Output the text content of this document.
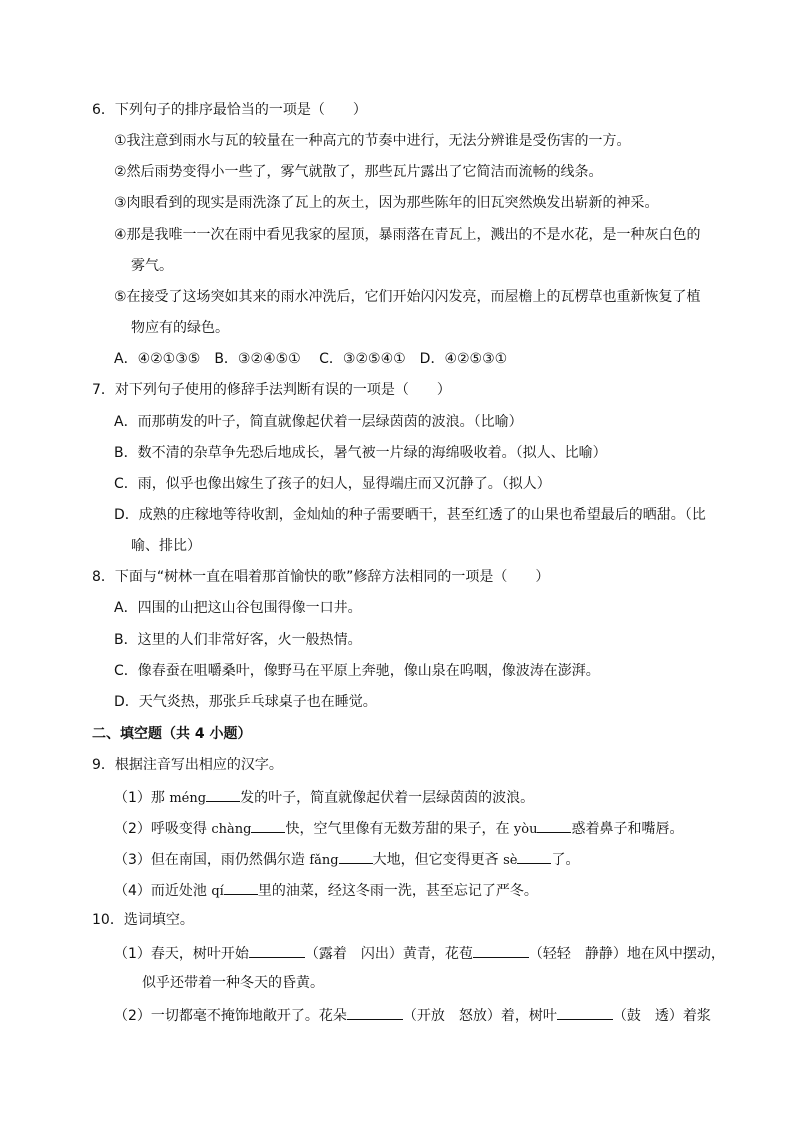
6．下列句子的排序最恰当的一项是（　　）
①我注意到雨水与瓦的较量在一种高亢的节奏中进行，无法分辨谁是受伤害的一方。
②然后雨势变得小一些了，雾气就散了，那些瓦片露出了它简洁而流畅的线条。
③肉眼看到的现实是雨洗涤了瓦上的灰土，因为那些陈年的旧瓦突然焕发出崭新的神采。
④那是我唯一一次在雨中看见我家的屋顶，暴雨落在青瓦上，溅出的不是水花，是一种灰白色的
雾气。
⑤在接受了这场突如其来的雨水冲洗后，它们开始闪闪发亮，而屋檐上的瓦楞草也重新恢复了植
物应有的绿色。
A．④②①③⑤　B．③②④⑤①　 C．③②⑤④①　D．④②⑤③①
7．对下列句子使用的修辞手法判断有误的一项是（　　）
A．而那萌发的叶子，简直就像起伏着一层绿茵茵的波浪。（比喻）
B．数不清的杂草争先恐后地成长，暑气被一片绿的海绵吸收着。（拟人、比喻）
C．雨，似乎也像出嫁生了孩子的妇人，显得端庄而又沉静了。（拟人）
D．成熟的庄稼地等待收割，金灿灿的种子需要晒干，甚至红透了的山果也希望最后的晒甜。（比
喻、排比）
8．下面与“树林一直在唱着那首愉快的歌”修辞方法相同的一项是（　　）
A．四围的山把这山谷包围得像一口井。
B．这里的人们非常好客，火一般热情。
C．像春蚕在咀嚼桑叶，像野马在平原上奔驰，像山泉在呜咽，像波涛在澎湃。
D．天气炎热，那张乒乓球桌子也在睡觉。
二、填空题（共 4 小题）
9．根据注音写出相应的汉字。
（1）那 méng 发的叶子，简直就像起伏着一层绿茵茵的波浪。
（2）呼吸变得 chàng 快，空气里像有无数芳甜的果子，在 yòu 惑着鼻子和嘴唇。
（3）但在南国，雨仍然偶尔造 fǎng 大地，但它变得更吝 sè 了。
（4）而近处池 qí 里的油菜，经这冬雨一洗，甚至忘记了严冬。
10．选词填空。
（1）春天，树叶开始	（露着　闪出）黄青，花苞	（轻轻　静静）地在风中摆动，
似乎还带着一种冬天的昏黄。
（2）一切都毫不掩饰地敞开了。花朵	（开放　怒放）着，树叶	（鼓　透）着浆
